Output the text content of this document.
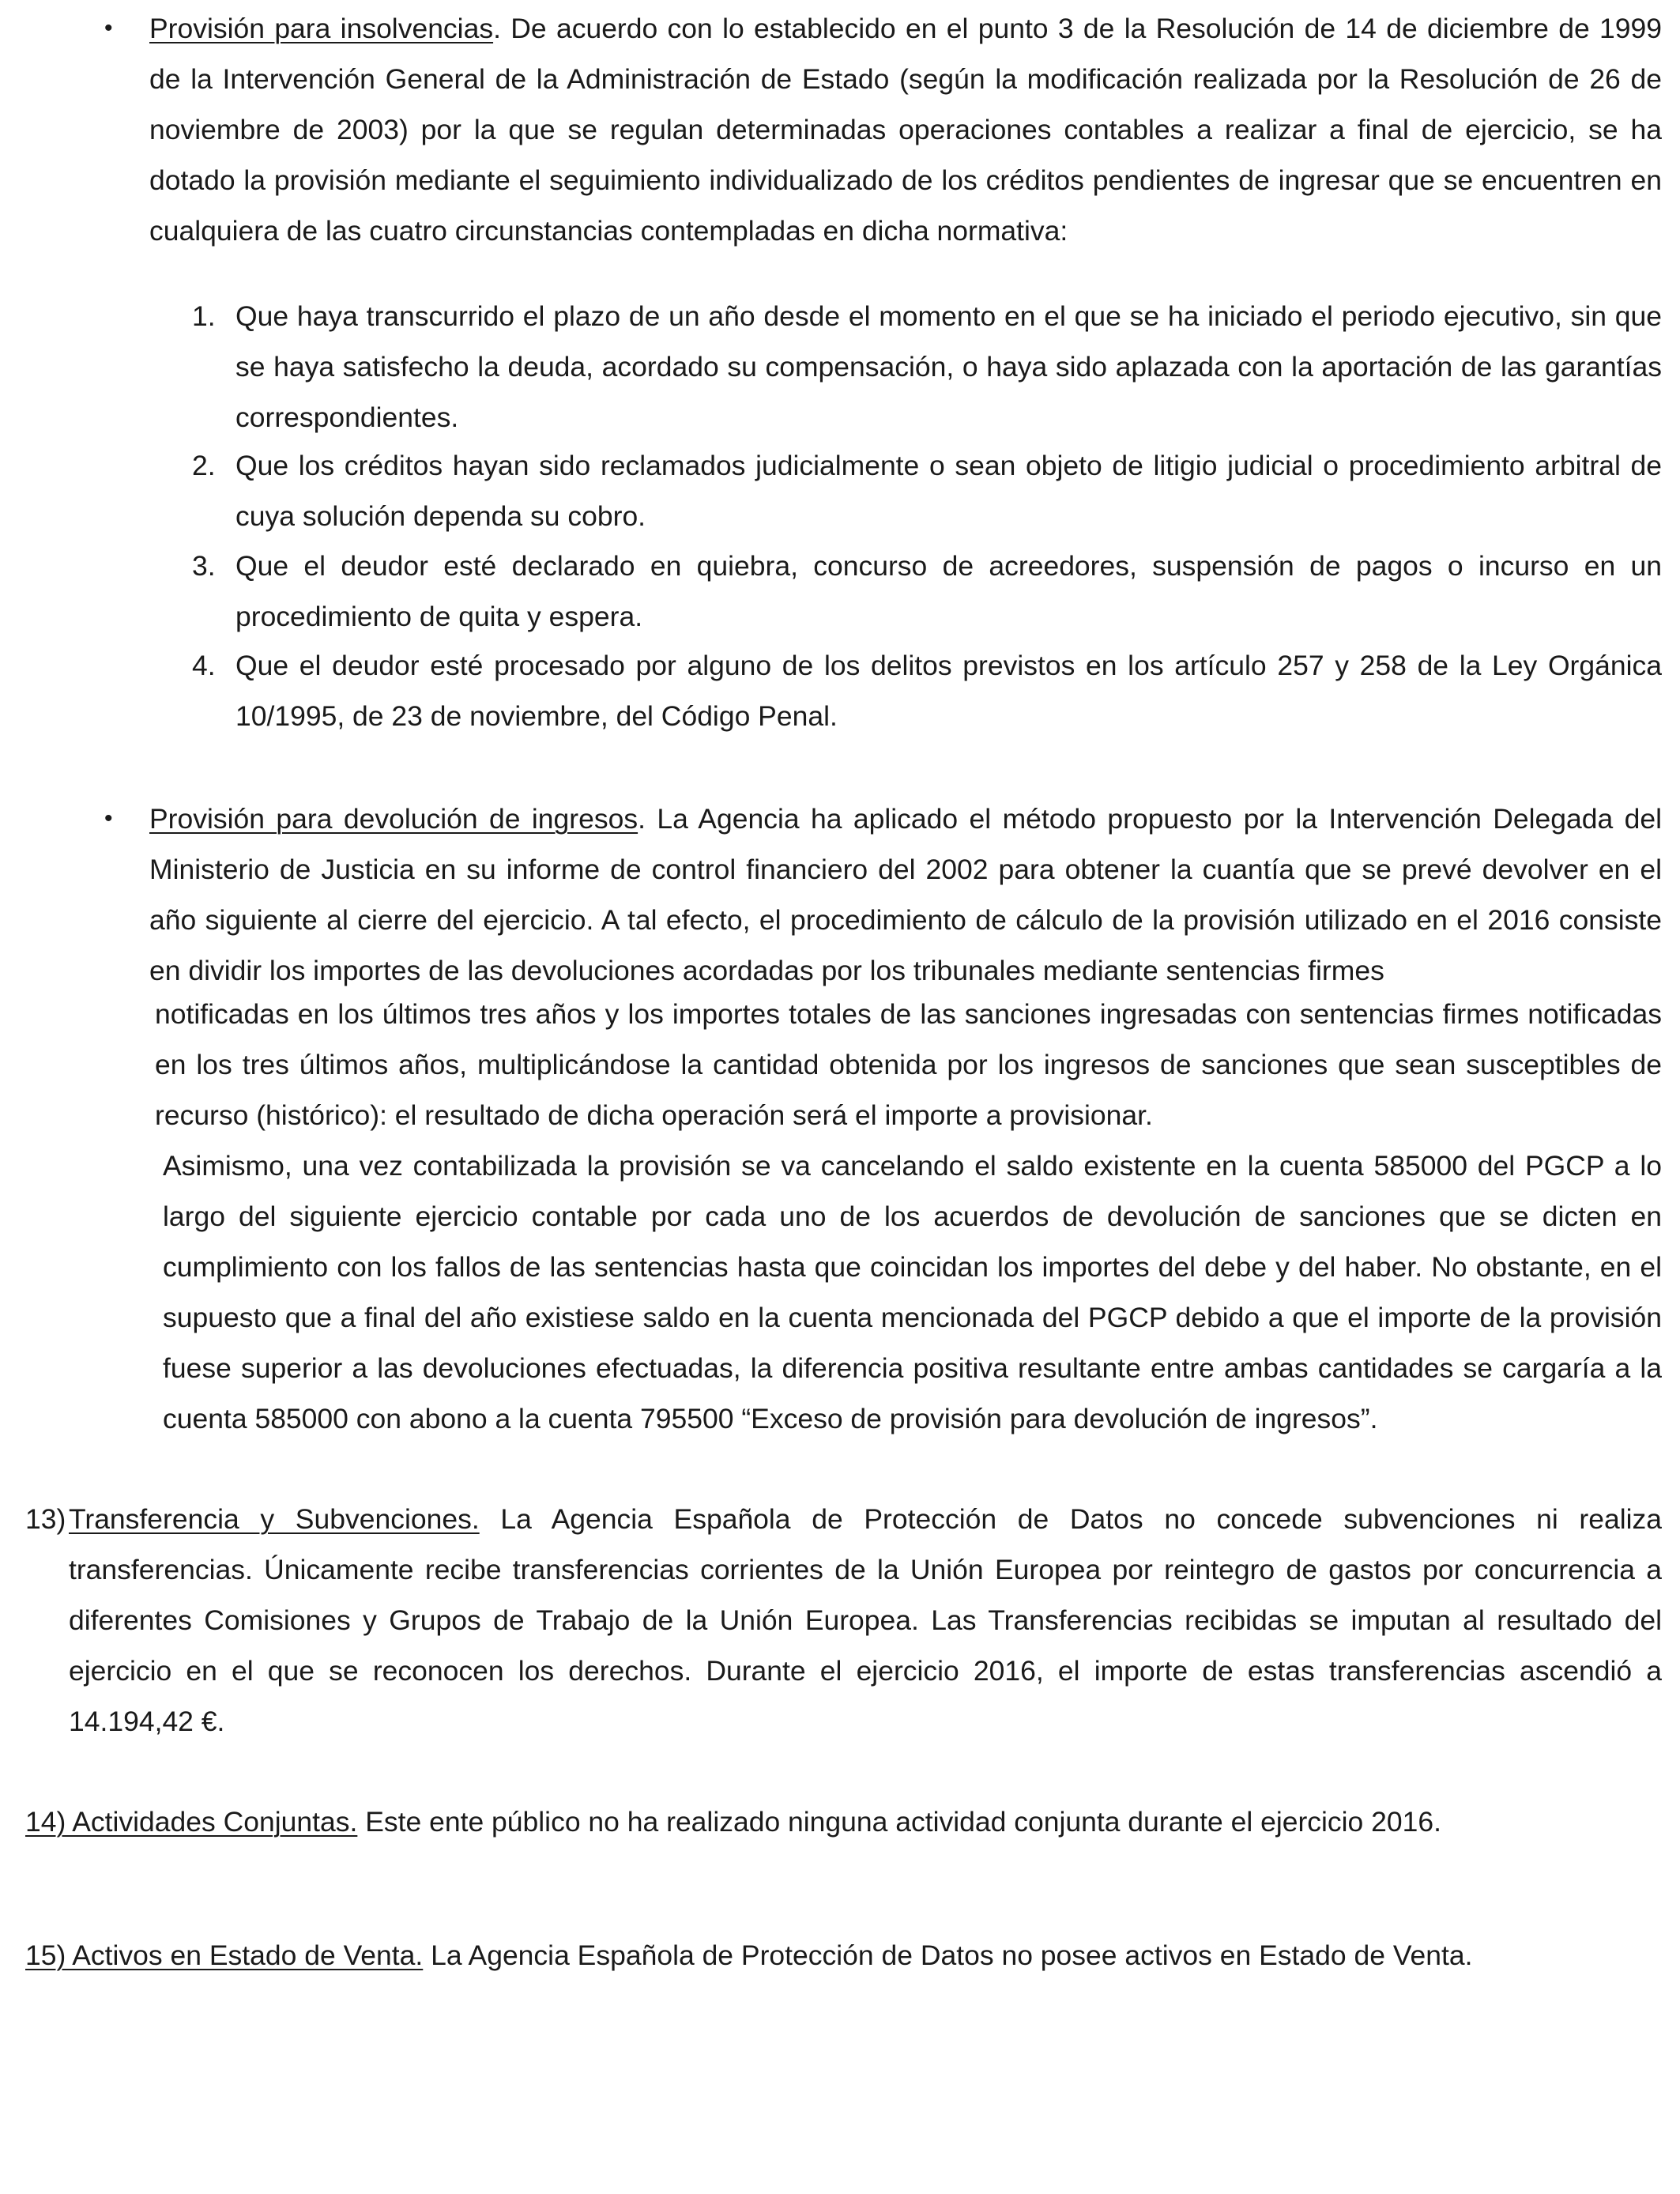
• Provisión para insolvencias. De acuerdo con lo establecido en el punto 3 de la Resolución de 14 de diciembre de 1999 de la Intervención General de la Administración de Estado (según la modificación realizada por la Resolución de 26 de noviembre de 2003) por la que se regulan determinadas operaciones contables a realizar a final de ejercicio, se ha dotado la provisión mediante el seguimiento individualizado de los créditos pendientes de ingresar que se encuentren en cualquiera de las cuatro circunstancias contempladas en dicha normativa:

1. Que haya transcurrido el plazo de un año desde el momento en el que se ha iniciado el periodo ejecutivo, sin que se haya satisfecho la deuda, acordado su compensación, o haya sido aplazada con la aportación de las garantías correspondientes.

2. Que los créditos hayan sido reclamados judicialmente o sean objeto de litigio judicial o procedimiento arbitral de cuya solución dependa su cobro.

3. Que el deudor esté declarado en quiebra, concurso de acreedores, suspensión de pagos o incurso en un procedimiento de quita y espera.

4. Que el deudor esté procesado por alguno de los delitos previstos en los artículo 257 y 258 de la Ley Orgánica 10/1995, de 23 de noviembre, del Código Penal.

• Provisión para devolución de ingresos. La Agencia ha aplicado el método propuesto por la Intervención Delegada del Ministerio de Justicia en su informe de control financiero del 2002 para obtener la cuantía que se prevé devolver en el año siguiente al cierre del ejercicio. A tal efecto, el procedimiento de cálculo de la provisión utilizado en el 2016 consiste en dividir los importes de las devoluciones acordadas por los tribunales mediante sentencias firmes

notificadas en los últimos tres años y los importes totales de las sanciones ingresadas con sentencias firmes notificadas en los tres últimos años, multiplicándose la cantidad obtenida por los ingresos de sanciones que sean susceptibles de recurso (histórico): el resultado de dicha operación será el importe a provisionar.

Asimismo, una vez contabilizada la provisión se va cancelando el saldo existente en la cuenta 585000 del PGCP a lo largo del siguiente ejercicio contable por cada uno de los acuerdos de devolución de sanciones que se dicten en cumplimiento con los fallos de las sentencias hasta que coincidan los importes del debe y del haber. No obstante, en el supuesto que a final del año existiese saldo en la cuenta mencionada del PGCP debido a que el importe de la provisión fuese superior a las devoluciones efectuadas, la diferencia positiva resultante entre ambas cantidades se cargaría a la cuenta 585000 con abono a la cuenta 795500 “Exceso de provisión para devolución de ingresos”.

13) Transferencia y Subvenciones. La Agencia Española de Protección de Datos no concede subvenciones ni realiza transferencias. Únicamente recibe transferencias corrientes de la Unión Europea por reintegro de gastos por concurrencia a diferentes Comisiones y Grupos de Trabajo de la Unión Europea. Las Transferencias recibidas se imputan al resultado del ejercicio en el que se reconocen los derechos. Durante el ejercicio 2016, el importe de estas transferencias ascendió a 14.194,42 €.

14) Actividades Conjuntas. Este ente público no ha realizado ninguna actividad conjunta durante el ejercicio 2016.

15) Activos en Estado de Venta. La Agencia Española de Protección de Datos no posee activos en Estado de Venta.
